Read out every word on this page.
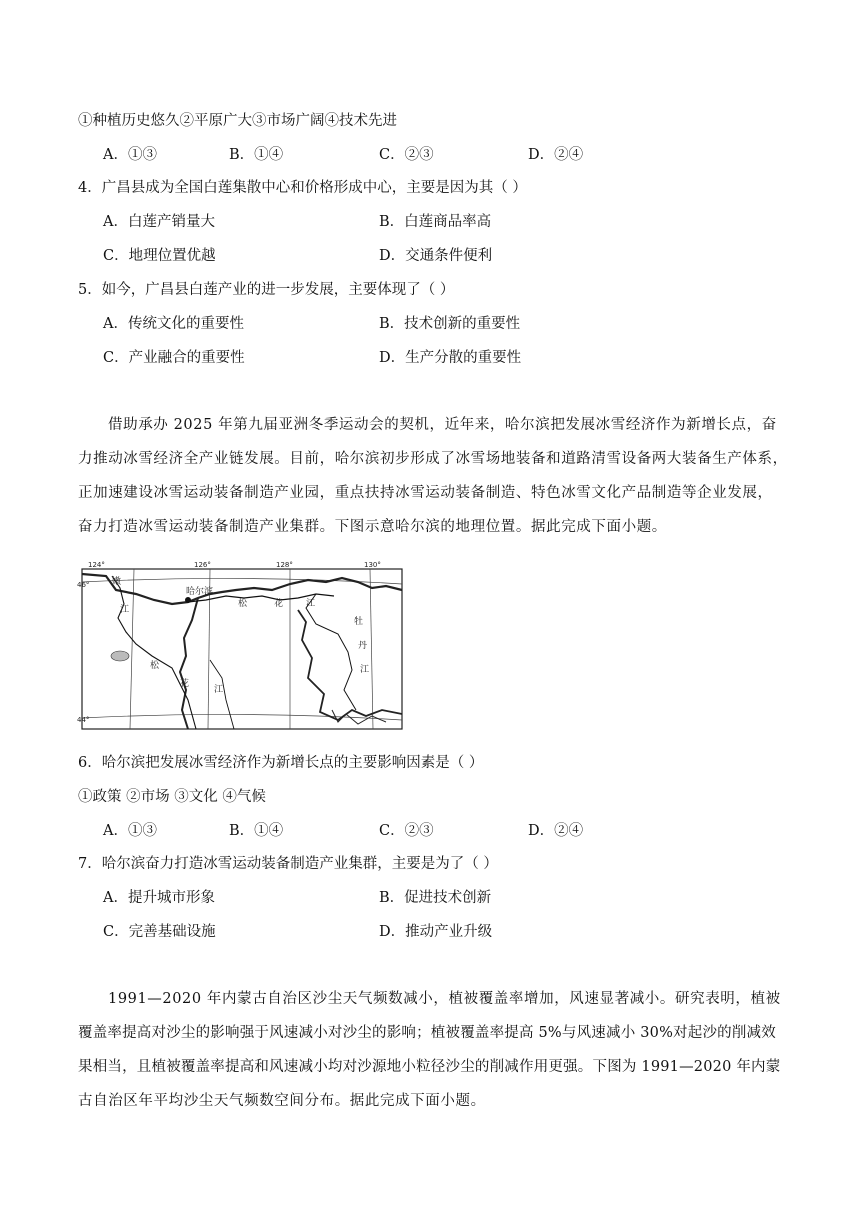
①种植历史悠久②平原广大③市场广阔④技术先进
A．①③	B．①④	C．②③	D．②④
4．广昌县成为全国白莲集散中心和价格形成中心，主要是因为其（ ）
A．白莲产销量大	B．白莲商品率高
C．地理位置优越	D．交通条件便利
5．如今，广昌县白莲产业的进一步发展，主要体现了（ ）
A．传统文化的重要性	B．技术创新的重要性
C．产业融合的重要性	D．生产分散的重要性
借助承办 2025 年第九届亚洲冬季运动会的契机，近年来，哈尔滨把发展冰雪经济作为新增长点，奋
力推动冰雪经济全产业链发展。目前，哈尔滨初步形成了冰雪场地装备和道路清雪设备两大装备生产体系，
正加速建设冰雪运动装备制造产业园，重点扶持冰雪运动装备制造、特色冰雪文化产品制造等企业发展，
奋力打造冰雪运动装备制造产业集群。下图示意哈尔滨的地理位置。据此完成下面小题。
124°	126°	128°	130°
46°
44°
哈尔滨
嫩
江
松
花
江
松	花	江
牡
丹
江
6．哈尔滨把发展冰雪经济作为新增长点的主要影响因素是（ ）
①政策 ②市场 ③文化 ④气候
A．①③	B．①④	C．②③	D．②④
7．哈尔滨奋力打造冰雪运动装备制造产业集群，主要是为了（ ）
A．提升城市形象	B．促进技术创新
C．完善基础设施	D．推动产业升级
1991—2020 年内蒙古自治区沙尘天气频数减小，植被覆盖率增加，风速显著减小。研究表明，植被
覆盖率提高对沙尘的影响强于风速减小对沙尘的影响；植被覆盖率提高 5%与风速减小 30%对起沙的削减效
果相当，且植被覆盖率提高和风速减小均对沙源地小粒径沙尘的削减作用更强。下图为 1991—2020 年内蒙
古自治区年平均沙尘天气频数空间分布。据此完成下面小题。
